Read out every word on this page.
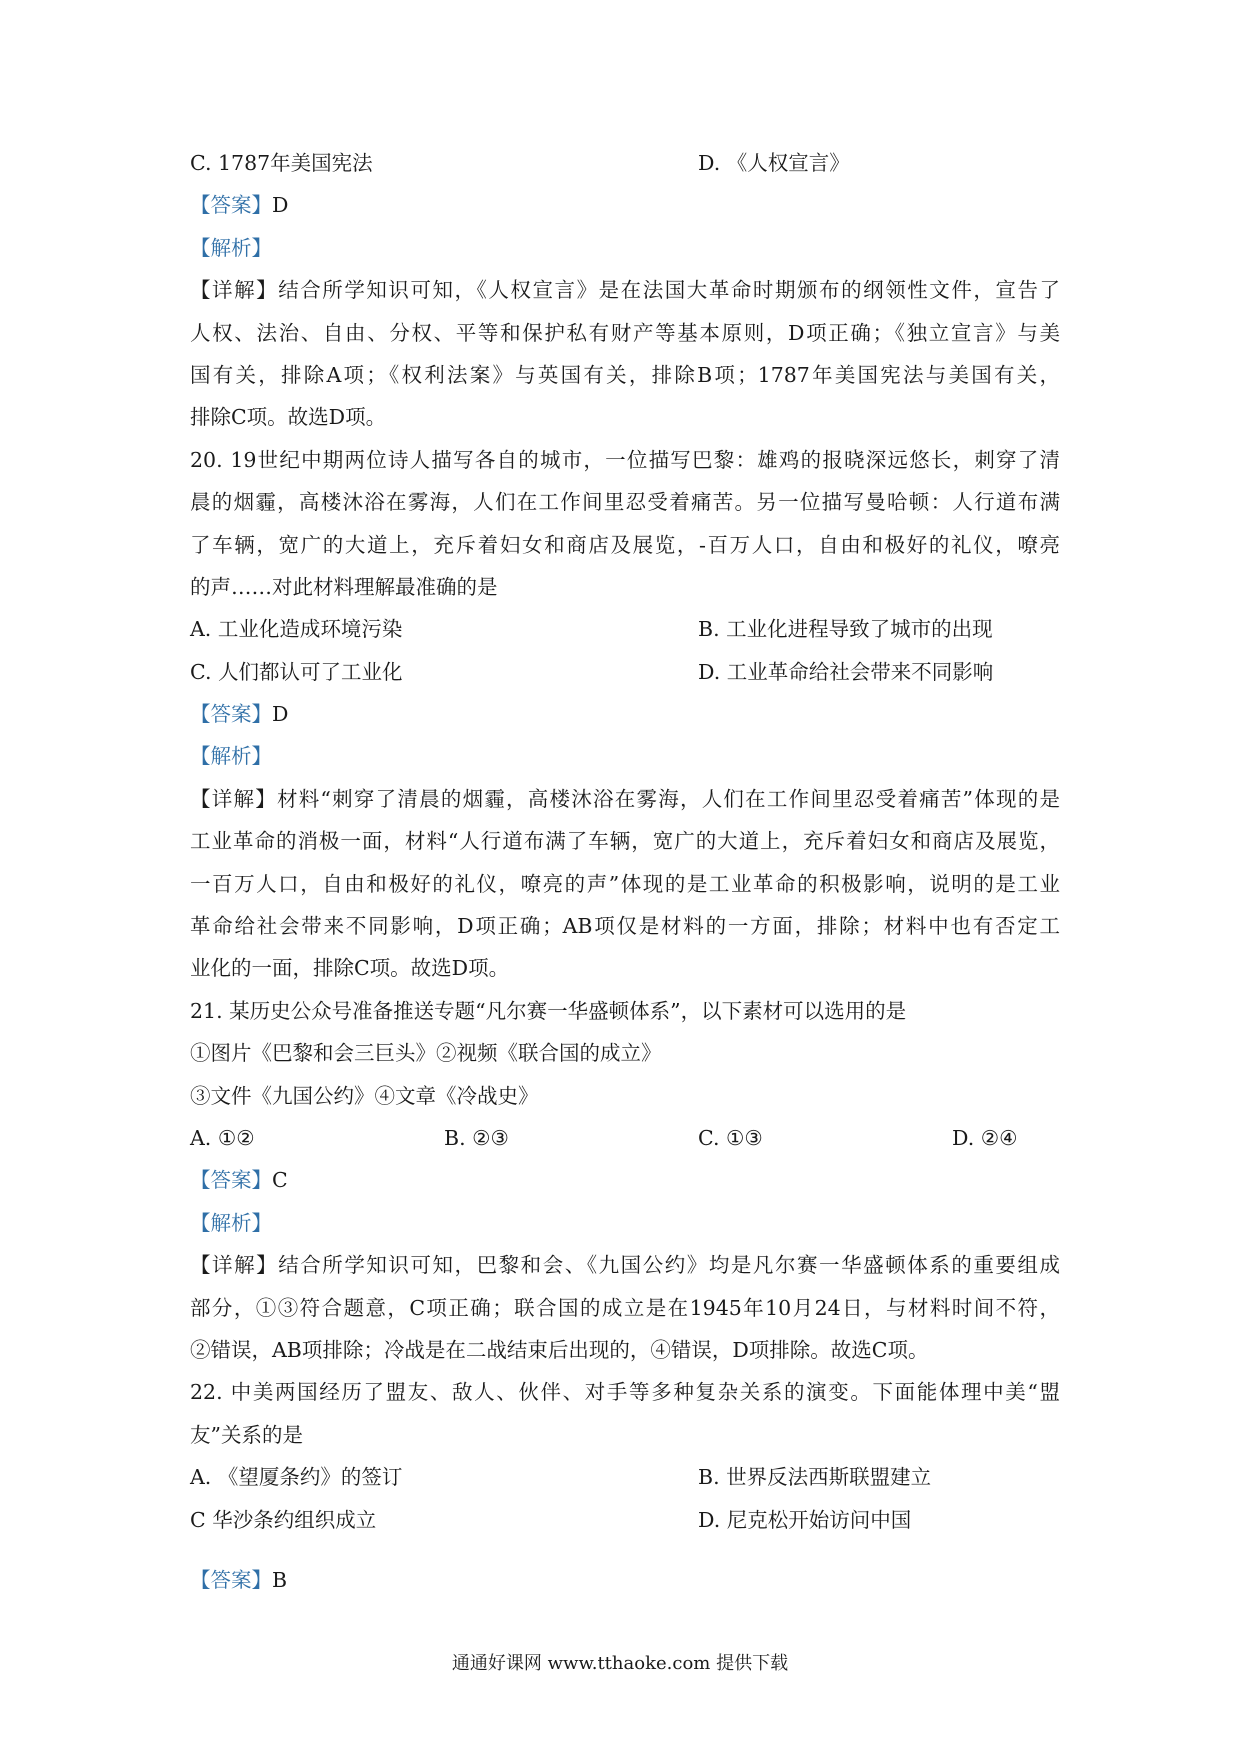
C. 1787年美国宪法	D. 《人权宣言》
【答案】D
【解析】
【详解】结合所学知识可知，《人权宣言》是在法国大革命时期颁布的纲领性文件，宣告了
人权、法治、自由、分权、平等和保护私有财产等基本原则，D项正确；《独立宣言》与美
国有关，排除A项；《权利法案》与英国有关，排除B项；1787年美国宪法与美国有关，
排除C项。故选D项。
20. 19世纪中期两位诗人描写各自的城市，一位描写巴黎：雄鸡的报晓深远悠长，刺穿了清
晨的烟霾，高楼沐浴在雾海，人们在工作间里忍受着痛苦。另一位描写曼哈顿：人行道布满
了车辆，宽广的大道上，充斥着妇女和商店及展览，-百万人口，自由和极好的礼仪，嘹亮
的声……对此材料理解最准确的是
A. 工业化造成环境污染	B. 工业化进程导致了城市的出现
C. 人们都认可了工业化	D. 工业革命给社会带来不同影响
【答案】D
【解析】
【详解】材料“刺穿了清晨的烟霾，高楼沐浴在雾海，人们在工作间里忍受着痛苦”体现的是
工业革命的消极一面，材料“人行道布满了车辆，宽广的大道上，充斥着妇女和商店及展览，
一百万人口，自由和极好的礼仪，嘹亮的声”体现的是工业革命的积极影响，说明的是工业
革命给社会带来不同影响，D项正确；AB项仅是材料的一方面，排除；材料中也有否定工
业化的一面，排除C项。故选D项。
21. 某历史公众号准备推送专题“凡尔赛一华盛顿体系”，以下素材可以选用的是
①图片《巴黎和会三巨头》②视频《联合国的成立》
③文件《九国公约》④文章《冷战史》
A. ①②	B. ②③	C. ①③	D. ②④
【答案】C
【解析】
【详解】结合所学知识可知，巴黎和会、《九国公约》均是凡尔赛一华盛顿体系的重要组成
部分，①③符合题意，C项正确；联合国的成立是在1945年10月24日，与材料时间不符，
②错误，AB项排除；冷战是在二战结束后出现的，④错误，D项排除。故选C项。
22. 中美两国经历了盟友、敌人、伙伴、对手等多种复杂关系的演变。下面能体理中美“盟
友”关系的是
A. 《望厦条约》的签订	B. 世界反法西斯联盟建立
C 华沙条约组织成立	D. 尼克松开始访问中国
【答案】B
通通好课网 www.tthaoke.com 提供下载
